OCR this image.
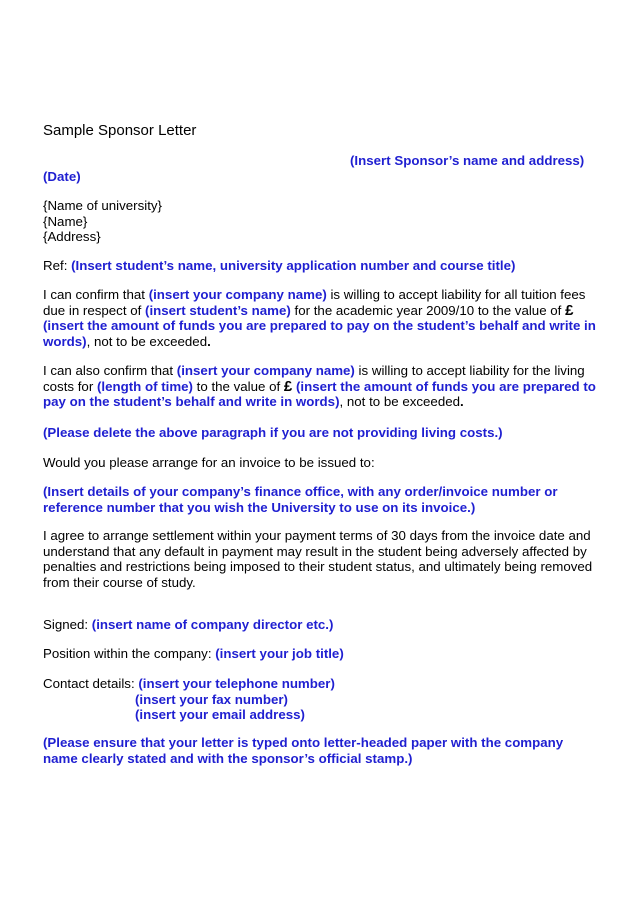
Sample Sponsor Letter

(Insert Sponsor’s name and address)

(Date)

{Name of university}
{Name}
{Address}

Ref: (Insert student’s name, university application number and course title)

I can confirm that (insert your company name) is willing to accept liability for all tuition fees due in respect of (insert student’s name) for the academic year 2009/10 to the value of £ (insert the amount of funds you are prepared to pay on the student’s behalf and write in words), not to be exceeded.

I can also confirm that (insert your company name) is willing to accept liability for the living costs for (length of time) to the value of £ (insert the amount of funds you are prepared to pay on the student’s behalf and write in words), not to be exceeded.

(Please delete the above paragraph if you are not providing living costs.)

Would you please arrange for an invoice to be issued to:

(Insert details of your company’s finance office, with any order/invoice number or reference number that you wish the University to use on its invoice.)

I agree to arrange settlement within your payment terms of 30 days from the invoice date and understand that any default in payment may result in the student being adversely affected by penalties and restrictions being imposed to their student status, and ultimately being removed from their course of study.

Signed: (insert name of company director etc.)

Position within the company: (insert your job title)

Contact details: (insert your telephone number)
(insert your fax number)
(insert your email address)

(Please ensure that your letter is typed onto letter-headed paper with the company name clearly stated and with the sponsor’s official stamp.)
